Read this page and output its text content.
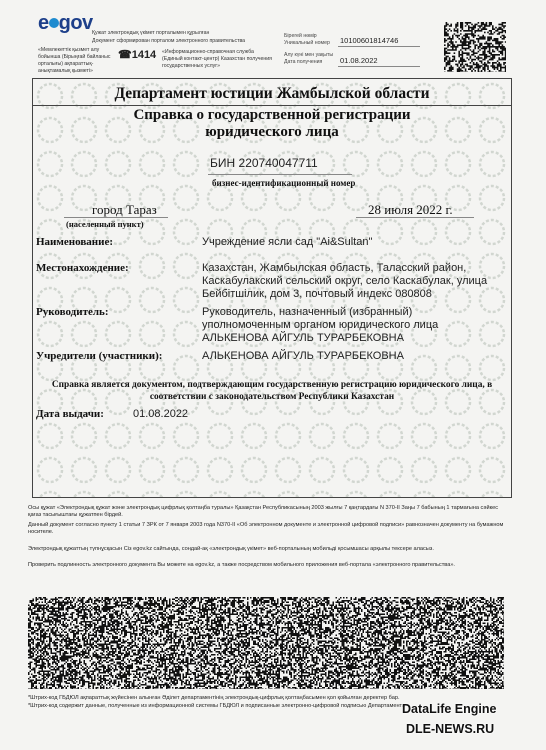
e gov Қужат электрондық үкімет порталымен құрылған
Документ сформирован порталом электронного правительства
«Мемлекеттік қызмет алу бойынша (Бірыңғай байланыс орталығы) ақпараттық-анықтамалық қызметі»
☎1414 «Информационно-справочная служба (Единый контакт-центр) Казахстан получения государственных услуг»
Бірегей нөмір
Уникальный номер 10100601814746
Алу күні мен уақыты
Дата получения 01.08.2022
Департамент юстиции Жамбылской области
Справка о государственной регистрации
юридического лица
БИН 220740047711
бизнес-идентификационный номер
город Тараз
(населенный пункт)
28 июля 2022 г.
Наименование:	Учреждение ясли сад "Ai&Sultan"
Местонахождение:	Казахстан, Жамбылская область, Таласский район, Каскабулакский сельский округ, село Каскабулак, улица Бейбітшілик, дом 3, почтовый индекс 080808
Руководитель:	Руководитель, назначенный (избранный) уполномоченным органом юридического лица АЛЬКЕНОВА АЙГУЛЬ ТУРАРБЕКОВНА
Учредители (участники):	АЛЬКЕНОВА АЙГУЛЬ ТУРАРБЕКОВНА
Справка является документом, подтверждающим государственную регистрацию юридического лица, в соответствии с законодательством Республики Казахстан
Дата выдачи:	01.08.2022
Осы құжат «Электрондық құжат және электрондық цифрлық қолтаңба туралы» Қазақстан Республикасының 2003 жылғы 7 қаңтардағы N 370-II Заңы 7 бабының 1 тармағына сәйкес қағаз тасығыштағы құжатпен бірдей.
Данный документ согласно пункту 1 статьи 7 ЗРК от 7 января 2003 года N370-II «Об электронном документе и электронной цифровой подписи» равнозначен документу на бумажном носителе.
Электрондық құжаттың түпнұсқасын Сіз egov.kz сайтында, сондай-ақ «электрондық үкімет» веб-порталының мобильді қосымшасы арқылы тексере аласыз.
Проверить подлинность электронного документа Вы можете на egov.kz, а также посредством мобильного приложения веб-портала «электронного правительства».
*Штрих-код ГБДЮЛ ақпараттық жүйесінен алынған Әділет департаментінің электрондық-цифрлық қолтаңбасымен қол қойылған деректер бар.
*Штрих-код содержит данные, полученные из информационной системы ГБДЮЛ и подписанные электронно-цифровой подписью Департамента
DataLife Engine
DLE-NEWS.RU
